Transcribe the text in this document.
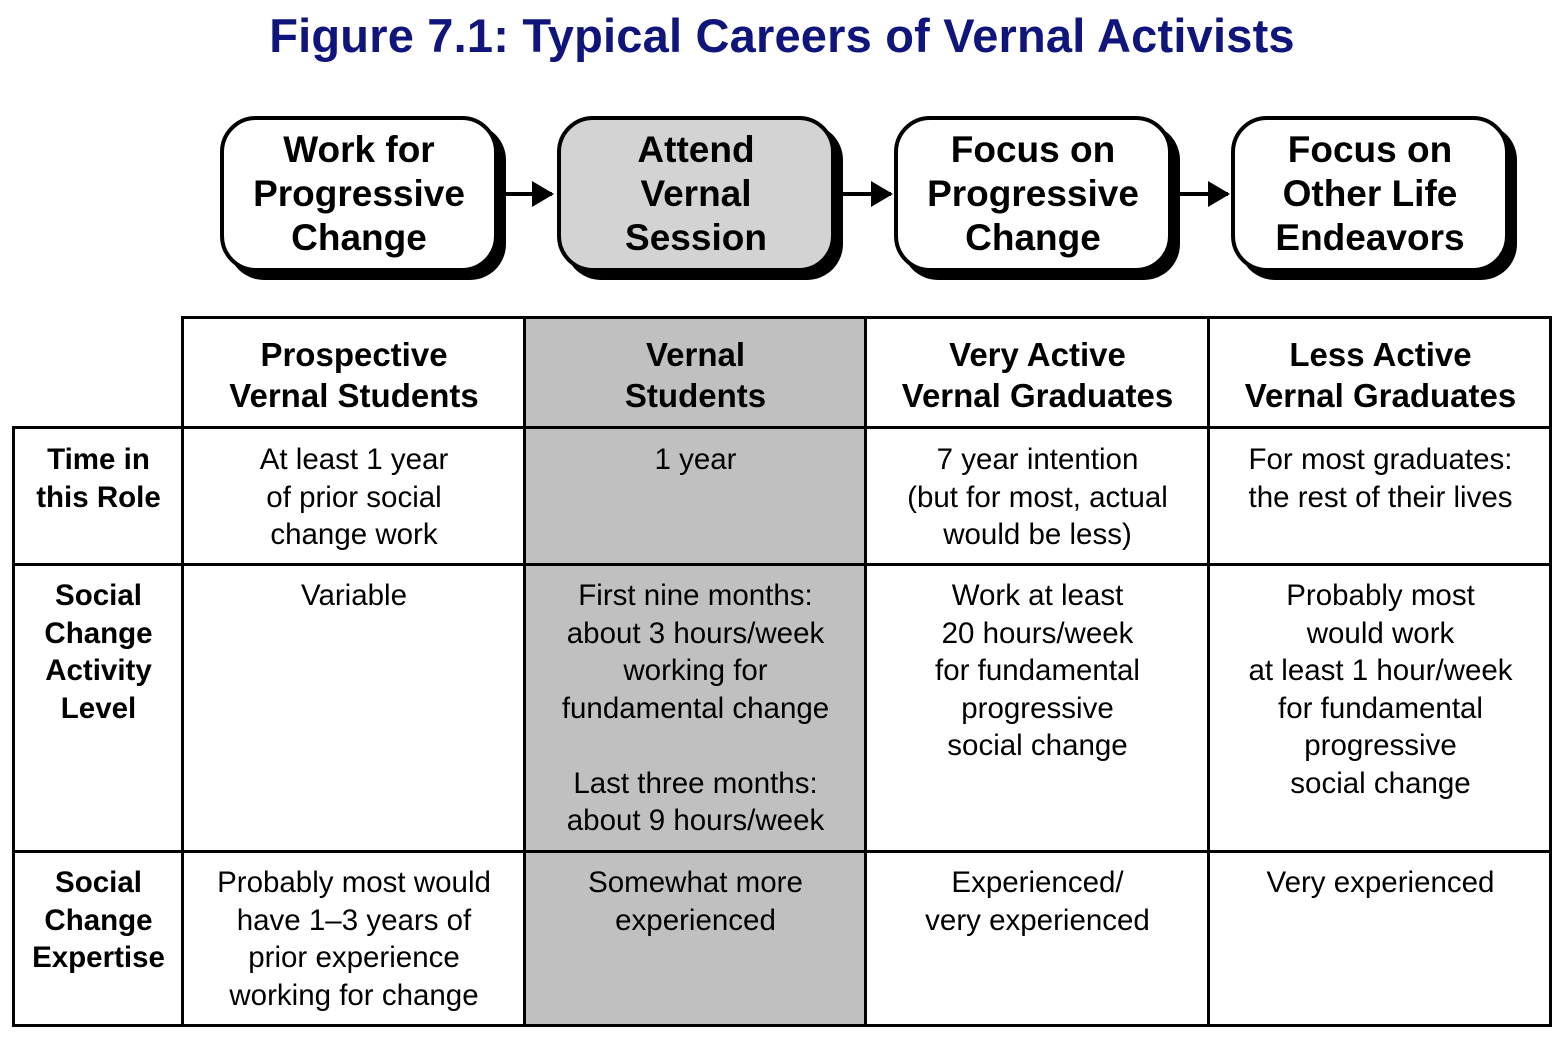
Figure 7.1: Typical Careers of Vernal Activists
Work for
Progressive
Change
Attend
Vernal
Session
Focus on
Progressive
Change
Focus on
Other Life
Endeavors
Prospective
Vernal Students
Vernal
Students
Very Active
Vernal Graduates
Less Active
Vernal Graduates
Time in
this Role
At least 1 year
of prior social
change work
1 year	7 year intention
(but for most, actual
would be less)
For most graduates:
the rest of their lives
Social
Change
Activity
Level
Variable	First nine months:
about 3 hours/week
working for
fundamental change

Last three months:
about 9 hours/week
Work at least
20 hours/week
for fundamental
progressive
social change
Probably most
would work
at least 1 hour/week
for fundamental
progressive
social change
Social
Change
Expertise
Probably most would
have 1–3 years of
prior experience
working for change
Somewhat more
experienced
Experienced/
very experienced
Very experienced
